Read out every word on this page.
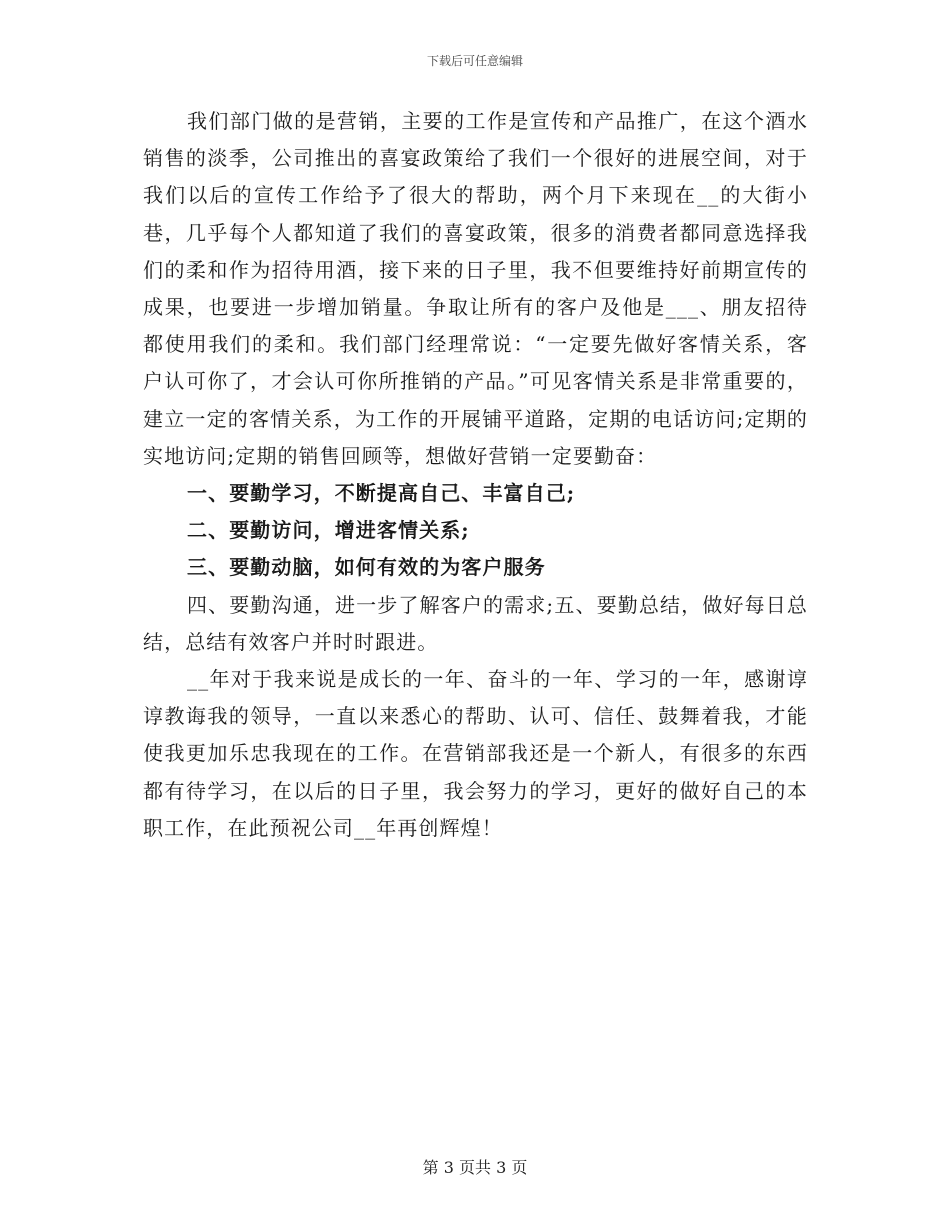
下载后可任意编辑

我们部门做的是营销，主要的工作是宣传和产品推广，在这个酒水销售的淡季，公司推出的喜宴政策给了我们一个很好的进展空间，对于我们以后的宣传工作给予了很大的帮助，两个月下来现在__的大街小巷，几乎每个人都知道了我们的喜宴政策，很多的消费者都同意选择我们的柔和作为招待用酒，接下来的日子里，我不但要维持好前期宣传的成果，也要进一步增加销量。争取让所有的客户及他是___、朋友招待都使用我们的柔和。我们部门经理常说：“一定要先做好客情关系，客户认可你了，才会认可你所推销的产品。”可见客情关系是非常重要的，建立一定的客情关系，为工作的开展铺平道路，定期的电话访问;定期的实地访问;定期的销售回顾等，想做好营销一定要勤奋：

一、要勤学习，不断提高自己、丰富自己;

二、要勤访问，增进客情关系;

三、要勤动脑，如何有效的为客户服务

四、要勤沟通，进一步了解客户的需求;五、要勤总结，做好每日总结，总结有效客户并时时跟进。

__年对于我来说是成长的一年、奋斗的一年、学习的一年，感谢谆谆教诲我的领导，一直以来悉心的帮助、认可、信任、鼓舞着我，才能使我更加乐忠我现在的工作。在营销部我还是一个新人，有很多的东西都有待学习，在以后的日子里，我会努力的学习，更好的做好自己的本职工作，在此预祝公司__年再创辉煌！

第 3 页共 3 页
